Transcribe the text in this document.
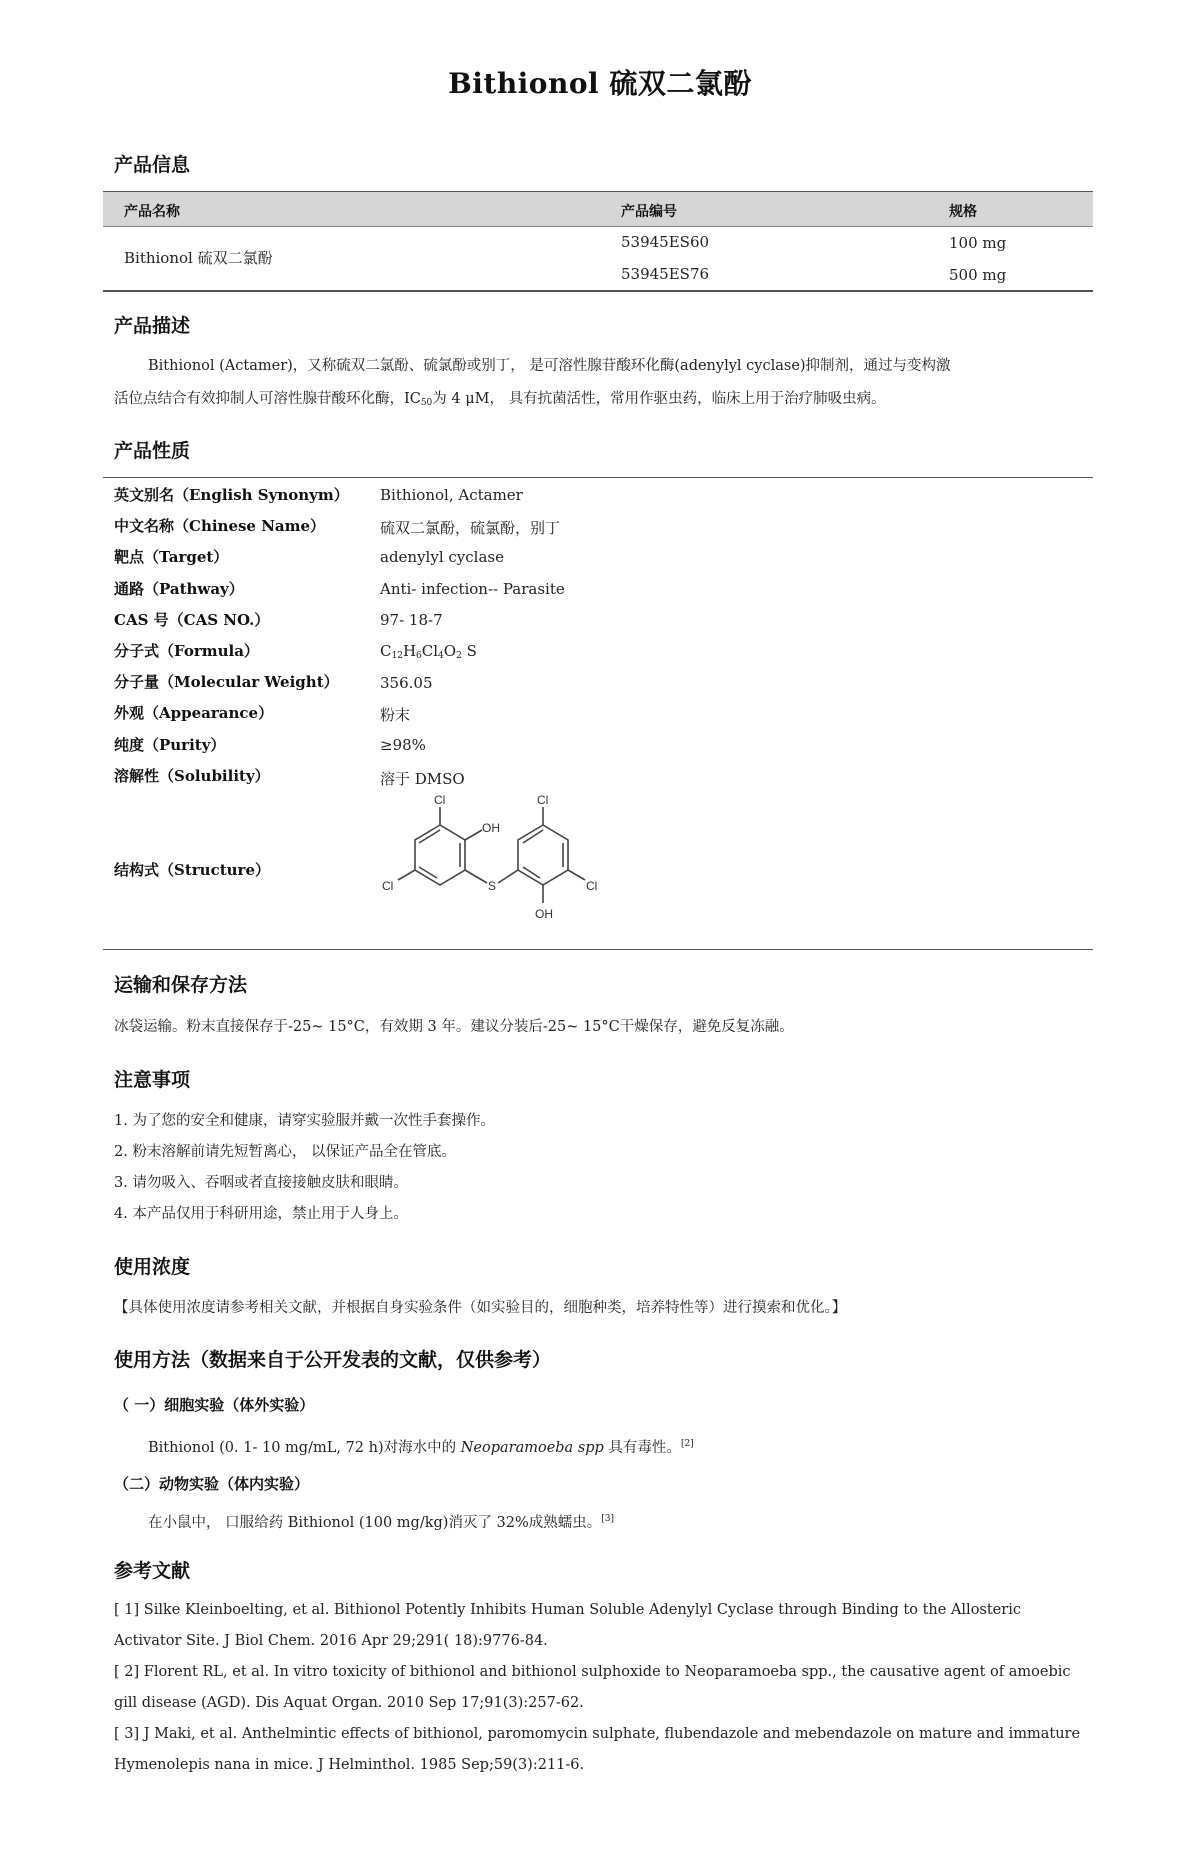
Bithionol 硫双二氯酚
产品信息
产品名称	产品编号	规格
Bithionol 硫双二氯酚
53945ES60	100 mg
53945ES76	500 mg
产品描述
Bithionol (Actamer)，又称硫双二氯酚、硫氯酚或别丁， 是可溶性腺苷酸环化酶(adenylyl cyclase)抑制剂，通过与变构激
活位点结合有效抑制人可溶性腺苷酸环化酶，$IC_{50}$为 4 μM， 具有抗菌活性，常用作驱虫药，临床上用于治疗肺吸虫病。
产品性质
英文别名（English Synonym） Bithionol, Actamer
中文名称（Chinese Name）	硫双二氯酚，硫氯酚，别丁
靶点（Target）	adenylyl cyclase
通路（Pathway）	Anti- infection-- Parasite
CAS 号（CAS NO.）	97- 18-7
分子式（Formula）	$C_{12}H_6Cl_4O_2$ S
分子量（Molecular Weight）	356.05
外观（Appearance）	粉末
纯度（Purity）	≥98%
溶解性（Solubility）	溶于 DMSO
结构式（Structure）
Cl
OH
Cl	S
Cl
Cl
OH
运输和保存方法
冰袋运输。粉末直接保存于-25~ 15°C，有效期 3 年。建议分装后-25~ 15°C干燥保存，避免反复冻融。
注意事项
1. 为了您的安全和健康，请穿实验服并戴一次性手套操作。
2. 粉末溶解前请先短暂离心， 以保证产品全在管底。
3. 请勿吸入、吞咽或者直接接触皮肤和眼睛。
4. 本产品仅用于科研用途，禁止用于人身上。
使用浓度
【具体使用浓度请参考相关文献，并根据自身实验条件（如实验目的，细胞种类，培养特性等）进行摸索和优化。】
使用方法（数据来自于公开发表的文献，仅供参考）
（ 一）细胞实验（体外实验）
Bithionol (0. 1- 10 mg/mL, 72 h)对海水中的 Neoparamoeba spp 具有毒性。[2]
（二）动物实验（体内实验）
在小鼠中， 口服给药 Bithionol (100 mg/kg)消灭了 32%成熟蠕虫。[3]
参考文献
[ 1] Silke Kleinboelting, et al. Bithionol Potently Inhibits Human Soluble Adenylyl Cyclase through Binding to the Allosteric
Activator Site. J Biol Chem. 2016 Apr 29;291( 18):9776-84.
[ 2] Florent RL, et al. In vitro toxicity of bithionol and bithionol sulphoxide to Neoparamoeba spp., the causative agent of amoebic
gill disease (AGD). Dis Aquat Organ. 2010 Sep 17;91(3):257-62.
[ 3] J Maki, et al. Anthelmintic effects of bithionol, paromomycin sulphate, flubendazole and mebendazole on mature and immature
Hymenolepis nana in mice. J Helminthol. 1985 Sep;59(3):211-6.
